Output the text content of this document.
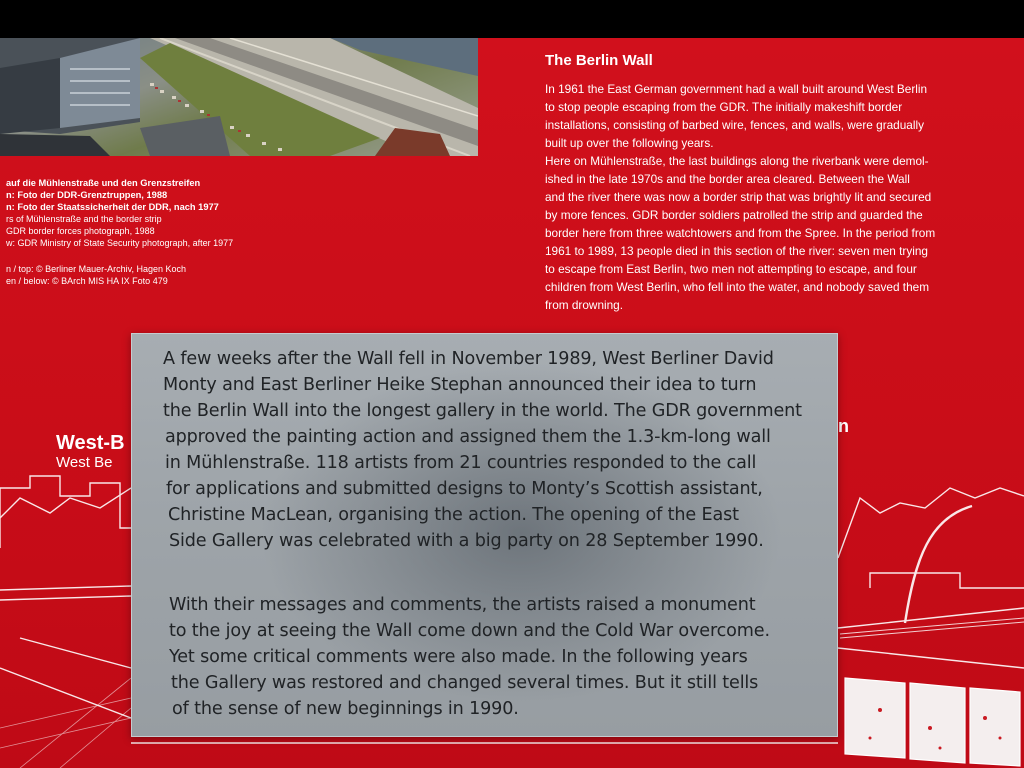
auf die Mühlenstraße und den Grenzstreifen
n: Foto der DDR-Grenztruppen, 1988
n: Foto der Staatssicherheit der DDR, nach 1977
rs of Mühlenstraße and the border strip
GDR border forces photograph, 1988
w: GDR Ministry of State Security photograph, after 1977
n / top: © Berliner Mauer-Archiv, Hagen Koch
en / below: © BArch MIS HA IX Foto 479
The Berlin Wall
In 1961 the East German government had a wall built around West Berlin
to stop people escaping from the GDR. The initially makeshift border
installations, consisting of barbed wire, fences, and walls, were gradually
built up over the following years.
Here on Mühlenstraße, the last buildings along the riverbank were demol-
ished in the late 1970s and the border area cleared. Between the Wall
and the river there was now a border strip that was brightly lit and secured
by more fences. GDR border soldiers patrolled the strip and guarded the
border here from three watchtowers and from the Spree. In the period from
1961 to 1989, 13 people died in this section of the river: seven men trying
to escape from East Berlin, two men not attempting to escape, and four
children from West Berlin, who fell into the water, and nobody saved them
from drowning.
West-B
West Be
n
A few weeks after the Wall fell in November 1989, West Berliner David
Monty and East Berliner Heike Stephan announced their idea to turn
the Berlin Wall into the longest gallery in the world. The GDR government
approved the painting action and assigned them the 1.3-km-long wall
in Mühlenstraße. 118 artists from 21 countries responded to the call
for applications and submitted designs to Monty’s Scottish assistant,
Christine MacLean, organising the action. The opening of the East
Side Gallery was celebrated with a big party on 28 September 1990.
With their messages and comments, the artists raised a monument
to the joy at seeing the Wall come down and the Cold War overcome.
Yet some critical comments were also made. In the following years
the Gallery was restored and changed several times. But it still tells
of the sense of new beginnings in 1990.
